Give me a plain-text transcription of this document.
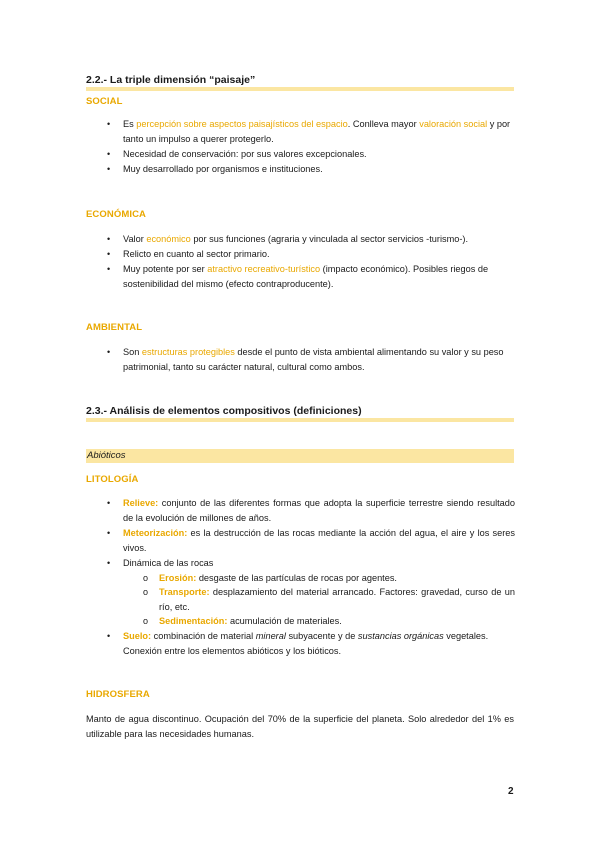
2.2.- La triple dimensión “paisaje”
SOCIAL
• Es percepción sobre aspectos paisajísticos del espacio. Conlleva mayor valoración social y por tanto un impulso a querer protegerlo.
• Necesidad de conservación: por sus valores excepcionales.
• Muy desarrollado por organismos e instituciones.
ECONÓMICA
• Valor económico por sus funciones (agraria y vinculada al sector servicios -turismo-).
• Relicto en cuanto al sector primario.
• Muy potente por ser atractivo recreativo-turístico (impacto económico). Posibles riegos de sostenibilidad del mismo (efecto contraproducente).
AMBIENTAL
• Son estructuras protegibles desde el punto de vista ambiental alimentando su valor y su peso patrimonial, tanto su carácter natural, cultural como ambos.
2.3.- Análisis de elementos compositivos (definiciones)
Abióticos
LITOLOGÍA
• Relieve: conjunto de las diferentes formas que adopta la superficie terrestre siendo resultado de la evolución de millones de años.
• Meteorización: es la destrucción de las rocas mediante la acción del agua, el aire y los seres vivos.
• Dinámica de las rocas
o Erosión: desgaste de las partículas de rocas por agentes.
o Transporte: desplazamiento del material arrancado. Factores: gravedad, curso de un río, etc.
o Sedimentación: acumulación de materiales.
• Suelo: combinación de material mineral subyacente y de sustancias orgánicas vegetales. Conexión entre los elementos abióticos y los bióticos.
HIDROSFERA
Manto de agua discontinuo. Ocupación del 70% de la superficie del planeta. Solo alrededor del 1% es utilizable para las necesidades humanas.
2
